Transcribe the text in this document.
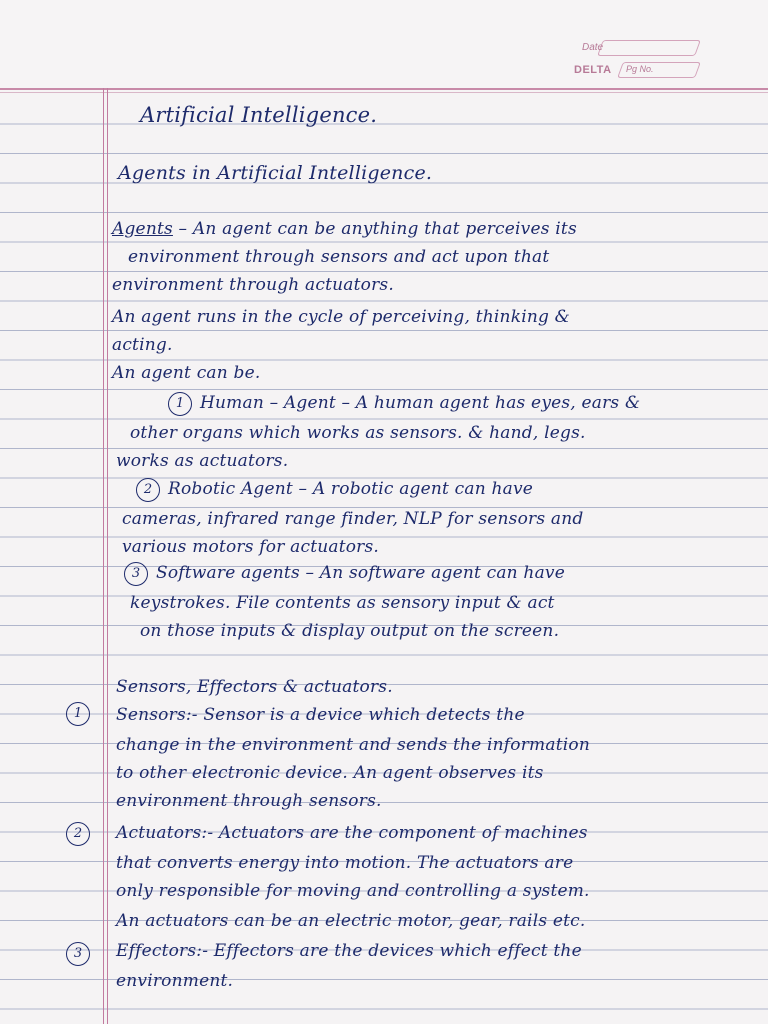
Date
DELTA Pg No.

Artificial Intelligence.

Agents in Artificial Intelligence.

Agents – An agent can be anything that perceives its

environment through sensors and act upon that

environment through actuators.

An agent runs in the cycle of perceiving, thinking &

acting.

An agent can be.

1 Human – Agent – A human agent has eyes, ears &

other organs which works as sensors. & hand, legs.

works as actuators.

2 Robotic Agent – A robotic agent can have

cameras, infrared range finder, NLP for sensors and

various motors for actuators.

3 Software agents – An software agent can have

keystrokes. File contents as sensory input & act

on those inputs & display output on the screen.

Sensors, Effectors & actuators.

1	Sensors:- Sensor is a device which detects the

change in the environment and sends the information

to other electronic device. An agent observes its

environment through sensors.

2	Actuators:- Actuators are the component of machines

that converts energy into motion. The actuators are

only responsible for moving and controlling a system.

An actuators can be an electric motor, gear, rails etc.

3	Effectors:- Effectors are the devices which effect the

environment.
